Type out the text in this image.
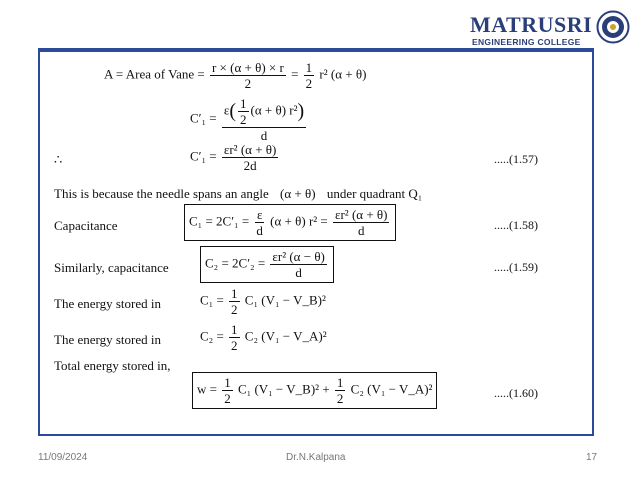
MATRUSRI
ENGINEERING COLLEGE
A = Area of Vane = $\frac{r \times (\alpha + \theta) \times r}{2} = \frac{1}{2} r^2$ (α + θ)
$C'_1 = \frac{\varepsilon( \frac{1}{2} (\alpha + \theta) r^2)}{d}$
∴	$C'_1 = \frac{\text{εr² (α + θ)}}{2d}$	.....(1.57)
This is because the needle spans an angle (α + θ) under quadrant Q₁
Capacitance	$C_1 = 2C'_1 = \frac{\varepsilon}{d} (\alpha + \theta) r^2 = \frac{\text{εr² (α + θ)}}{d}$	.....(1.58)
Similarly, capacitance	$C_2 = 2C'_2 = \frac{\text{εr² (α − θ)}}{d}$	.....(1.59)
The energy stored in	$C_1 = \frac{1}{2} C_1$ (V₁ − V_B)²
The energy stored in	$C_2 = \frac{1}{2} C_2$ (V₁ − V_A)²
Total energy stored in,
$w = \frac{1}{2} C_1$ (V₁ − V_B)² + $\frac{1}{2} C_2$ (V₁ − V_A)²	.....(1.60)
11/09/2024	Dr.N.Kalpana	17
